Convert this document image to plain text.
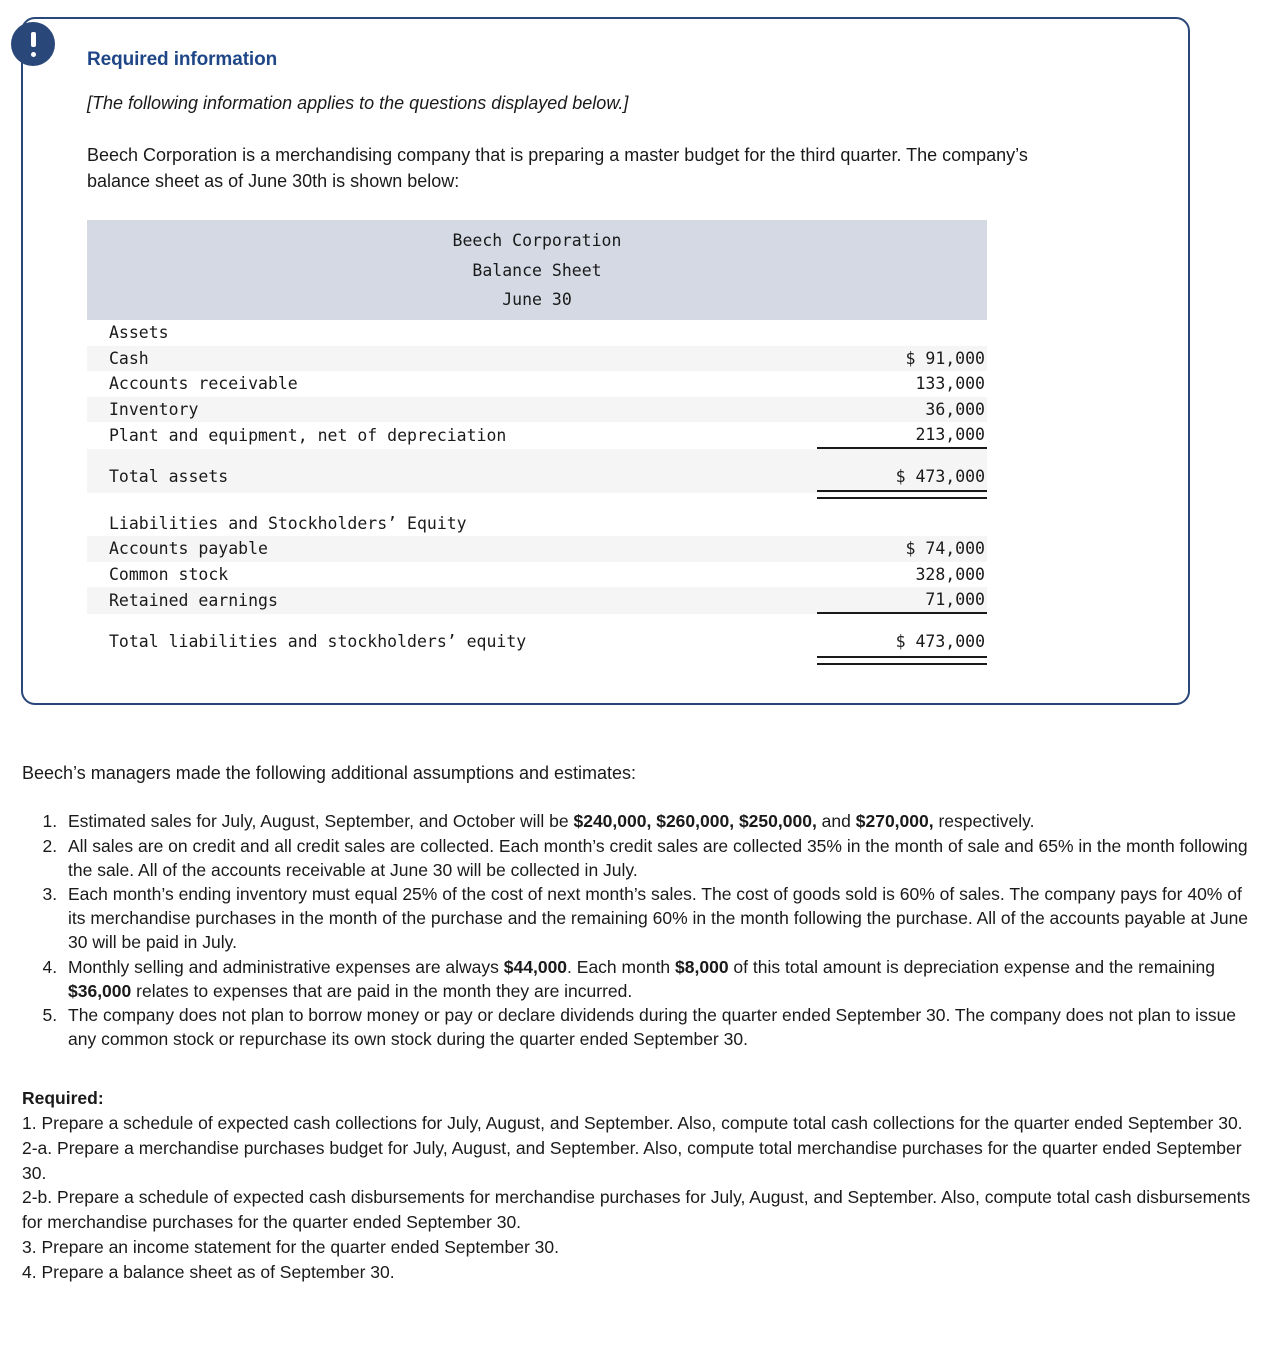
Required information
[The following information applies to the questions displayed below.]
Beech Corporation is a merchandising company that is preparing a master budget for the third quarter. The company’s balance sheet as of June 30th is shown below:
Beech Corporation	
Balance Sheet	
June 30	
Assets	
Cash	$ 91,000
Accounts receivable	133,000
Inventory	36,000
Plant and equipment, net of depreciation	213,000

Total assets	$ 473,000

Liabilities and Stockholders’ Equity	
Accounts payable	$ 74,000
Common stock	328,000
Retained earnings	71,000

Total liabilities and stockholders’ equity	$ 473,000

Beech’s managers made the following additional assumptions and estimates:

1. Estimated sales for July, August, September, and October will be $240,000, $260,000, $250,000, and $270,000, respectively.
2. All sales are on credit and all credit sales are collected. Each month’s credit sales are collected 35% in the month of sale and 65% in the month following the sale. All of the accounts receivable at June 30 will be collected in July.
3. Each month’s ending inventory must equal 25% of the cost of next month’s sales. The cost of goods sold is 60% of sales. The company pays for 40% of its merchandise purchases in the month of the purchase and the remaining 60% in the month following the purchase. All of the accounts payable at June 30 will be paid in July.
4. Monthly selling and administrative expenses are always $44,000. Each month $8,000 of this total amount is depreciation expense and the remaining $36,000 relates to expenses that are paid in the month they are incurred.
5. The company does not plan to borrow money or pay or declare dividends during the quarter ended September 30. The company does not plan to issue any common stock or repurchase its own stock during the quarter ended September 30.
Required:

1. Prepare a schedule of expected cash collections for July, August, and September. Also, compute total cash collections for the quarter ended September 30.

2-a. Prepare a merchandise purchases budget for July, August, and September. Also, compute total merchandise purchases for the quarter ended September 30.

2-b. Prepare a schedule of expected cash disbursements for merchandise purchases for July, August, and September. Also, compute total cash disbursements for merchandise purchases for the quarter ended September 30.

3. Prepare an income statement for the quarter ended September 30.

4. Prepare a balance sheet as of September 30.
